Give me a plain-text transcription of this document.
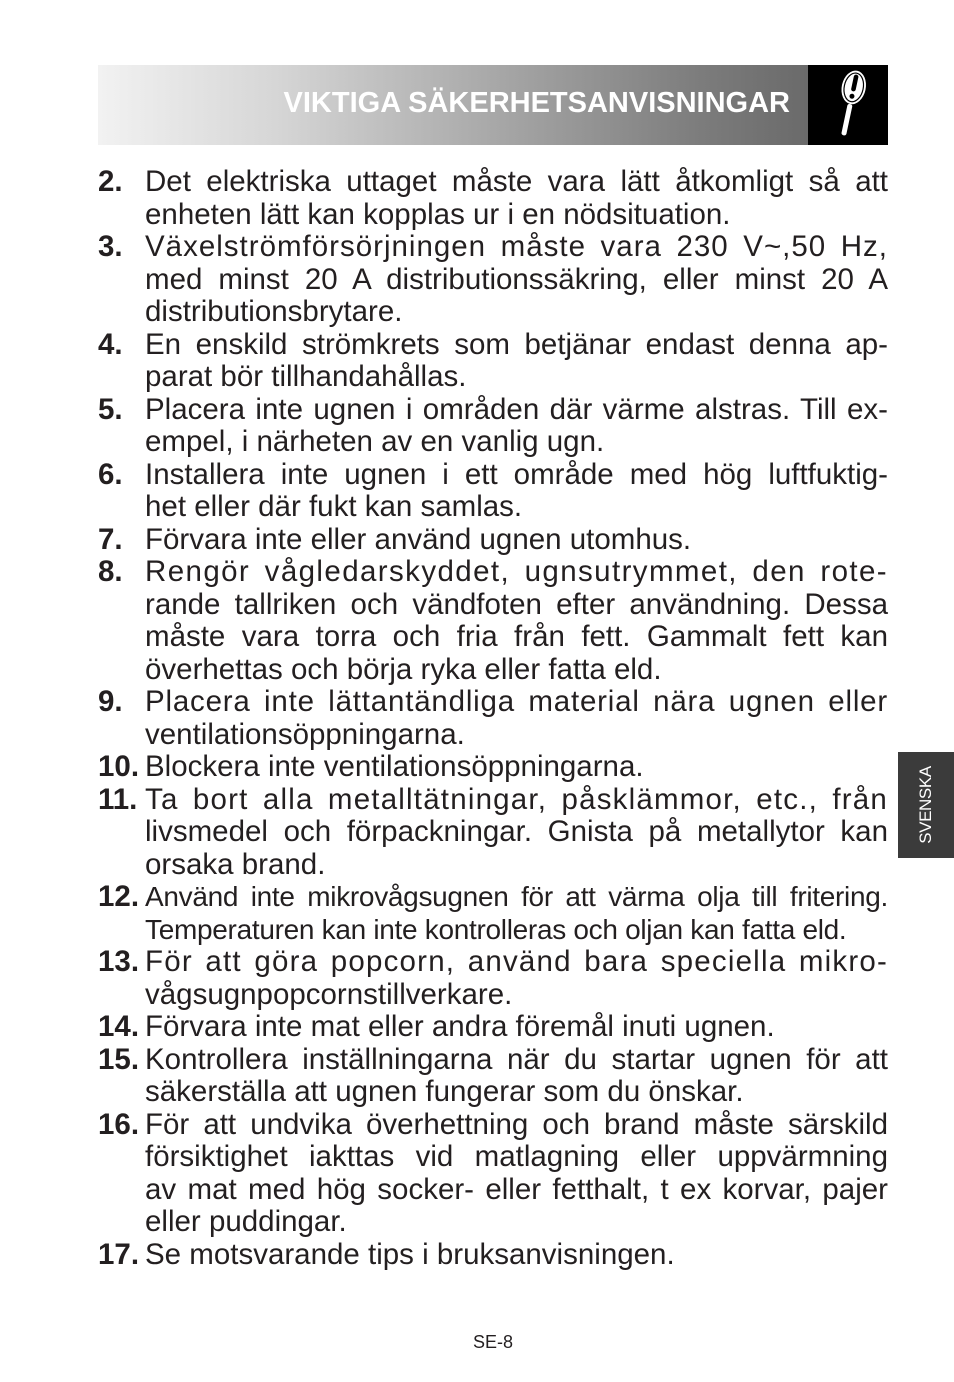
VIKTIGA SÄKERHETSANVISNINGAR
2. Det elektriska uttaget måste vara lätt åtkomligt så att
enheten lätt kan kopplas ur i en nödsituation.
3. Växelströmförsörjningen måste vara 230 V~,50 Hz,
med minst 20 A distributionssäkring, eller minst 20 A
distributionsbrytare.
4. En enskild strömkrets som betjänar endast denna ap-
parat bör tillhandahållas.
5. Placera inte ugnen i områden där värme alstras. Till ex-
empel, i närheten av en vanlig ugn.
6. Installera inte ugnen i ett område med hög luftfuktig-
het eller där fukt kan samlas.
7. Förvara inte eller använd ugnen utomhus.
8. Rengör vågledarskyddet, ugnsutrymmet, den rote-
rande tallriken och vändfoten efter användning. Dessa
måste vara torra och fria från fett. Gammalt fett kan
överhettas och börja ryka eller fatta eld.
9. Placera inte lättantändliga material nära ugnen eller
ventilationsöppningarna.
10. Blockera inte ventilationsöppningarna.
11. Ta bort alla metalltätningar, påsklämmor, etc., från
livsmedel och förpackningar. Gnista på metallytor kan
orsaka brand.
12. Använd inte mikrovågsugnen för att värma olja till fritering.
Temperaturen kan inte kontrolleras och oljan kan fatta eld.
13. För att göra popcorn, använd bara speciella mikro-
vågsugnpopcornstillverkare.
14. Förvara inte mat eller andra föremål inuti ugnen.
15. Kontrollera inställningarna när du startar ugnen för att
säkerställa att ugnen fungerar som du önskar.
16. För att undvika överhettning och brand måste särskild
försiktighet iakttas vid matlagning eller uppvärmning
av mat med hög socker- eller fetthalt, t ex korvar, pajer
eller puddingar.
17. Se motsvarande tips i bruksanvisningen.
SVENSKA
SE-8
